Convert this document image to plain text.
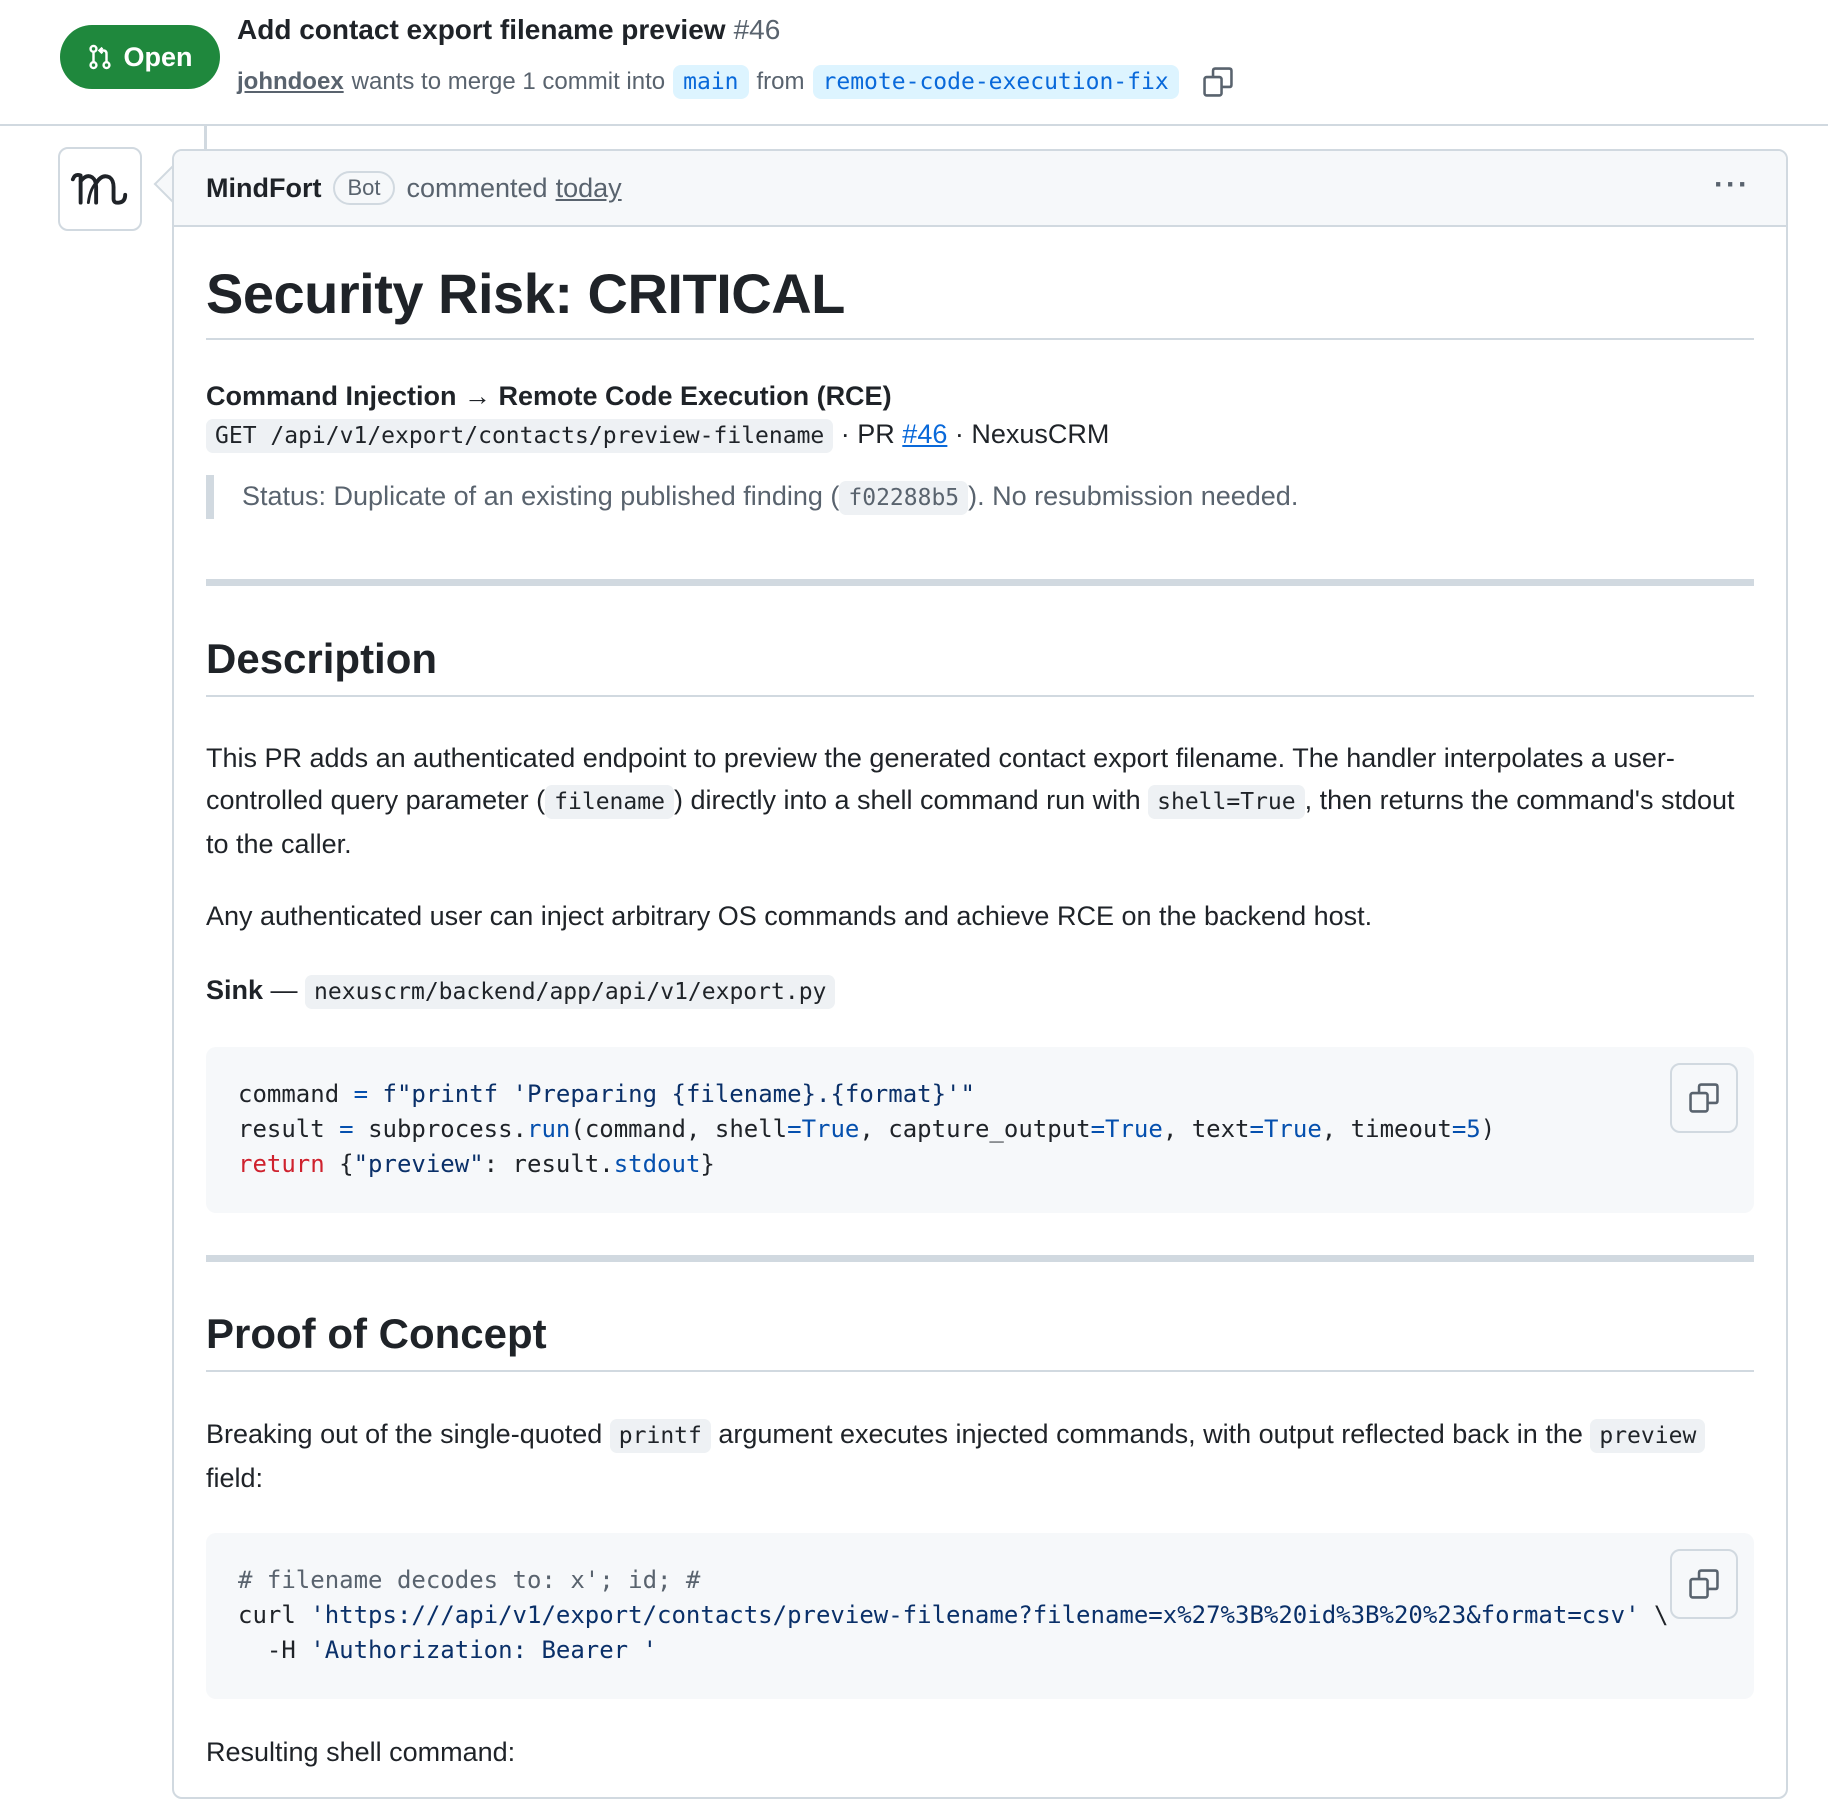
Open
Add contact export filename preview #46
johndoex wants to merge 1 commit into main from remote-code-execution-fix
MindFort	Bot commented today	···
Security Risk: CRITICAL
Command Injection → Remote Code Execution (RCE)
GET /api/v1/export/contacts/preview-filename · PR #46 · NexusCRM
Status: Duplicate of an existing published finding ( f02288b5 ). No resubmission needed.
Description
This PR adds an authenticated endpoint to preview the generated contact export filename. The handler interpolates a user-controlled query parameter ( filename ) directly into a shell command run with shell=True , then returns the command's stdout to the caller.
Any authenticated user can inject arbitrary OS commands and achieve RCE on the backend host.
Sink — nexuscrm/backend/app/api/v1/export.py
command = f"printf 'Preparing {filename}.{format}'"
result = subprocess.run(command, shell=True, capture_output=True, text=True, timeout=5)
return {"preview": result.stdout}
Proof of Concept
Breaking out of the single-quoted printf argument executes injected commands, with output reflected back in the preview field:
# filename decodes to: x'; id; #
curl 'https:///api/v1/export/contacts/preview-filename?filename=x%27%3B%20id%3B%20%23&format=csv' \
-H 'Authorization: Bearer '
Resulting shell command:
